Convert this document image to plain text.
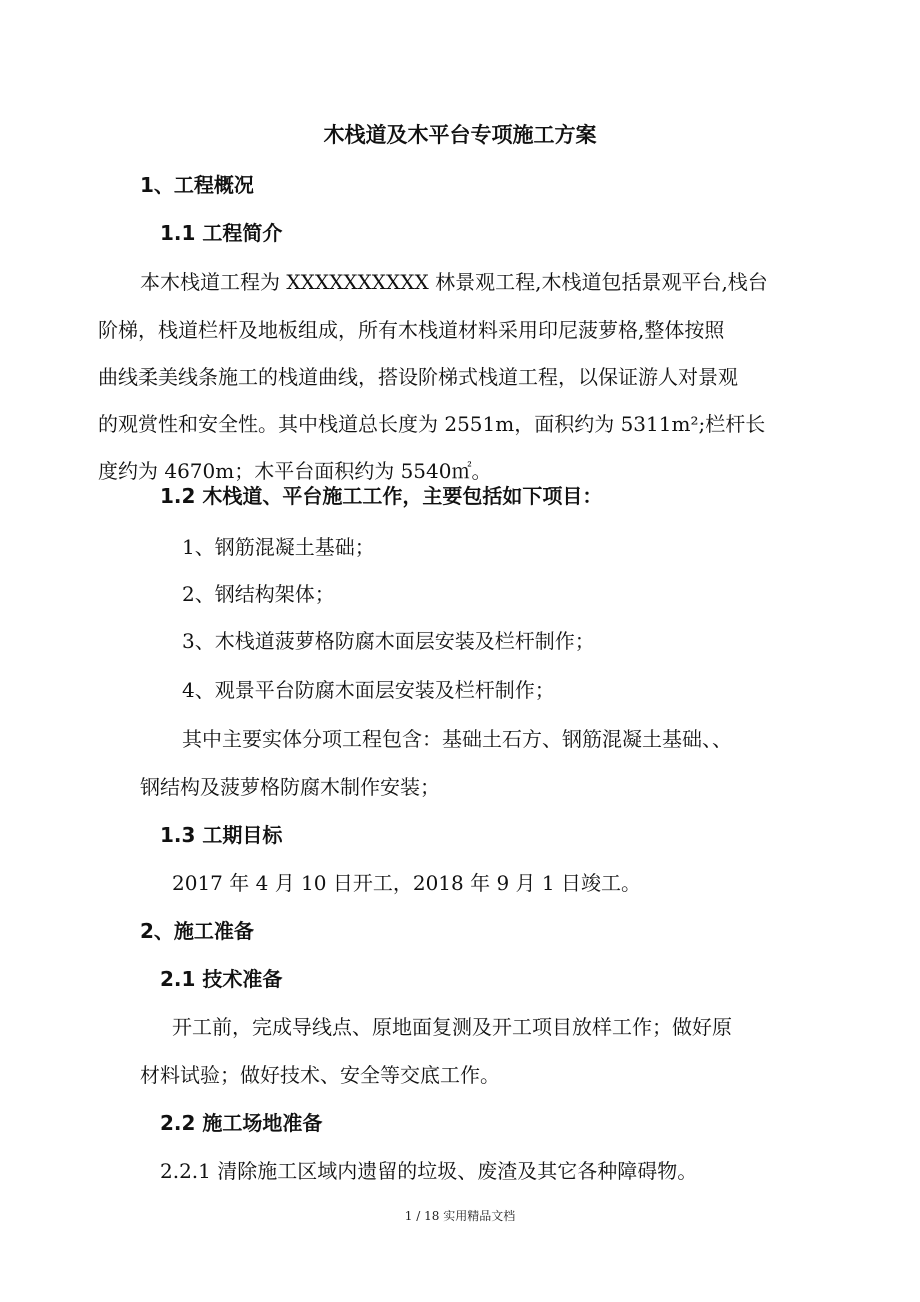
木栈道及木平台专项施工方案
1、工程概况
1.1 工程简介
本木栈道工程为 XXXXXXXXXX 林景观工程,木栈道包括景观平台,栈台
阶梯，栈道栏杆及地板组成，所有木栈道材料采用印尼菠萝格,整体按照
曲线柔美线条施工的栈道曲线，搭设阶梯式栈道工程，以保证游人对景观
的观赏性和安全性。其中栈道总长度为 2551m，面积约为 5311m²;栏杆长
度约为 4670m；木平台面积约为 5540㎡。
1.2 木栈道、平台施工工作，主要包括如下项目：
1、钢筋混凝土基础；
2、钢结构架体；
3、木栈道菠萝格防腐木面层安装及栏杆制作；
4、观景平台防腐木面层安装及栏杆制作；
其中主要实体分项工程包含：基础土石方、钢筋混凝土基础、、
钢结构及菠萝格防腐木制作安装；
1.3 工期目标
2017 年 4 月 10 日开工，2018 年 9 月 1 日竣工。
2、施工准备
2.1 技术准备
开工前，完成导线点、原地面复测及开工项目放样工作；做好原
材料试验；做好技术、安全等交底工作。
2.2 施工场地准备
2.2.1 清除施工区域内遗留的垃圾、废渣及其它各种障碍物。
1 / 18 实用精品文档
